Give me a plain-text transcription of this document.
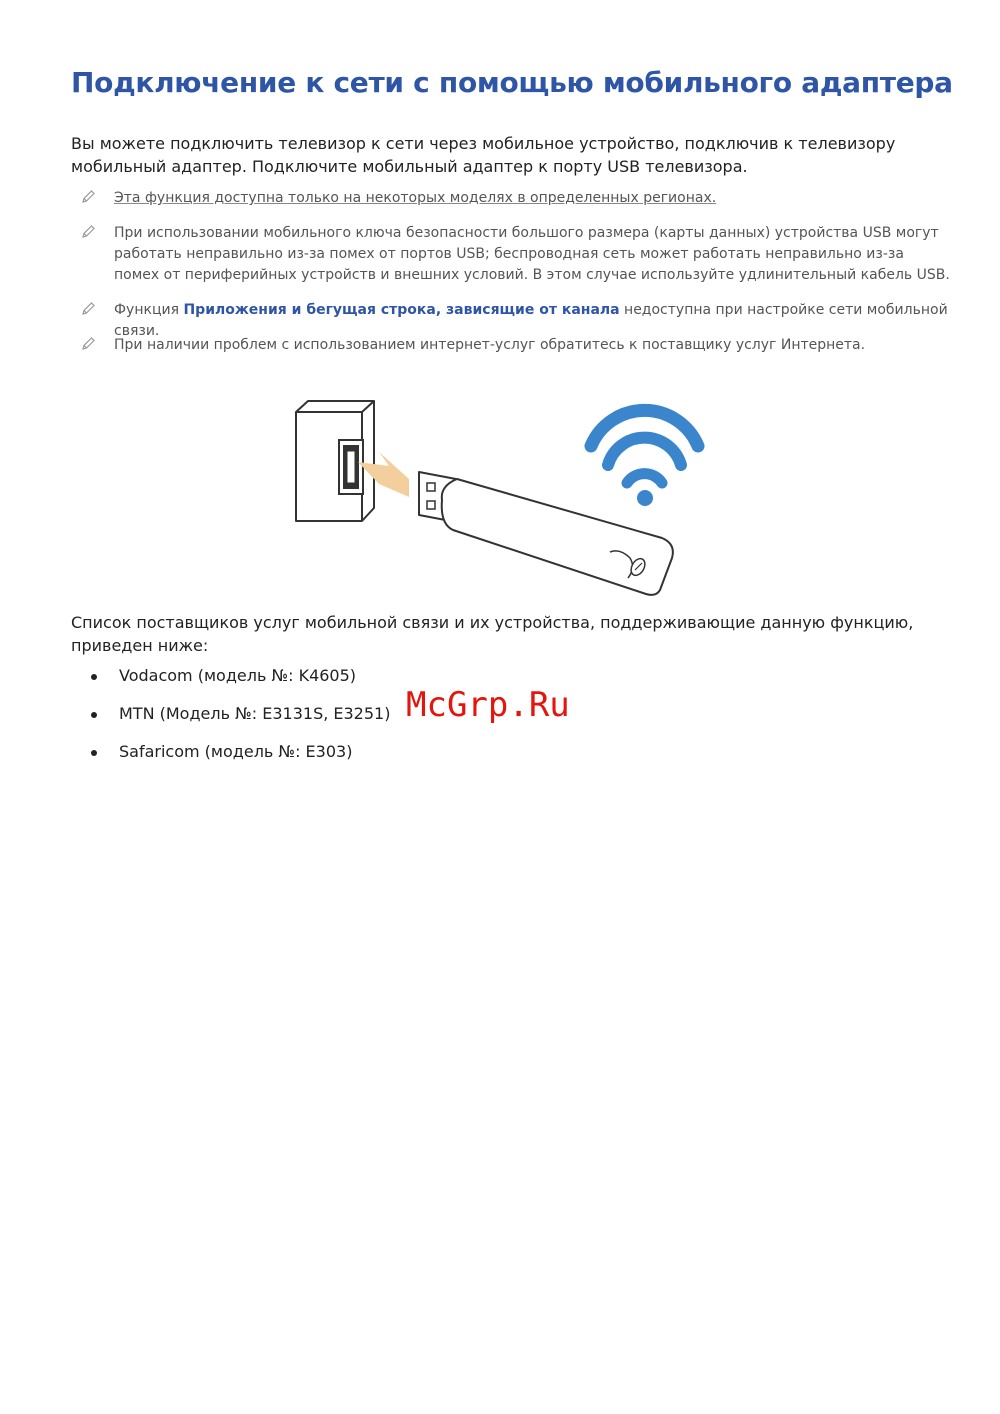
Подключение к сети с помощью мобильного адаптера

Вы можете подключить телевизор к сети через мобильное устройство, подключив к телевизору мобильный адаптер. Подключите мобильный адаптер к порту USB телевизора.

Эта функция доступна только на некоторых моделях в определенных регионах.
При использовании мобильного ключа безопасности большого размера (карты данных) устройства USB могут работать неправильно из-за помех от портов USB; беспроводная сеть может работать неправильно из-за помех от периферийных устройств и внешних условий. В этом случае используйте удлинительный кабель USB.
Функция Приложения и бегущая строка, зависящие от канала недоступна при настройке сети мобильной связи.
При наличии проблем с использованием интернет-услуг обратитесь к поставщику услуг Интернета.

Список поставщиков услуг мобильной связи и их устройства, поддерживающие данную функцию, приведен ниже:

Vodacom (модель №: K4605)
MTN (Модель №: E3131S, E3251)
Safaricom (модель №: E303)
McGrp.Ru
